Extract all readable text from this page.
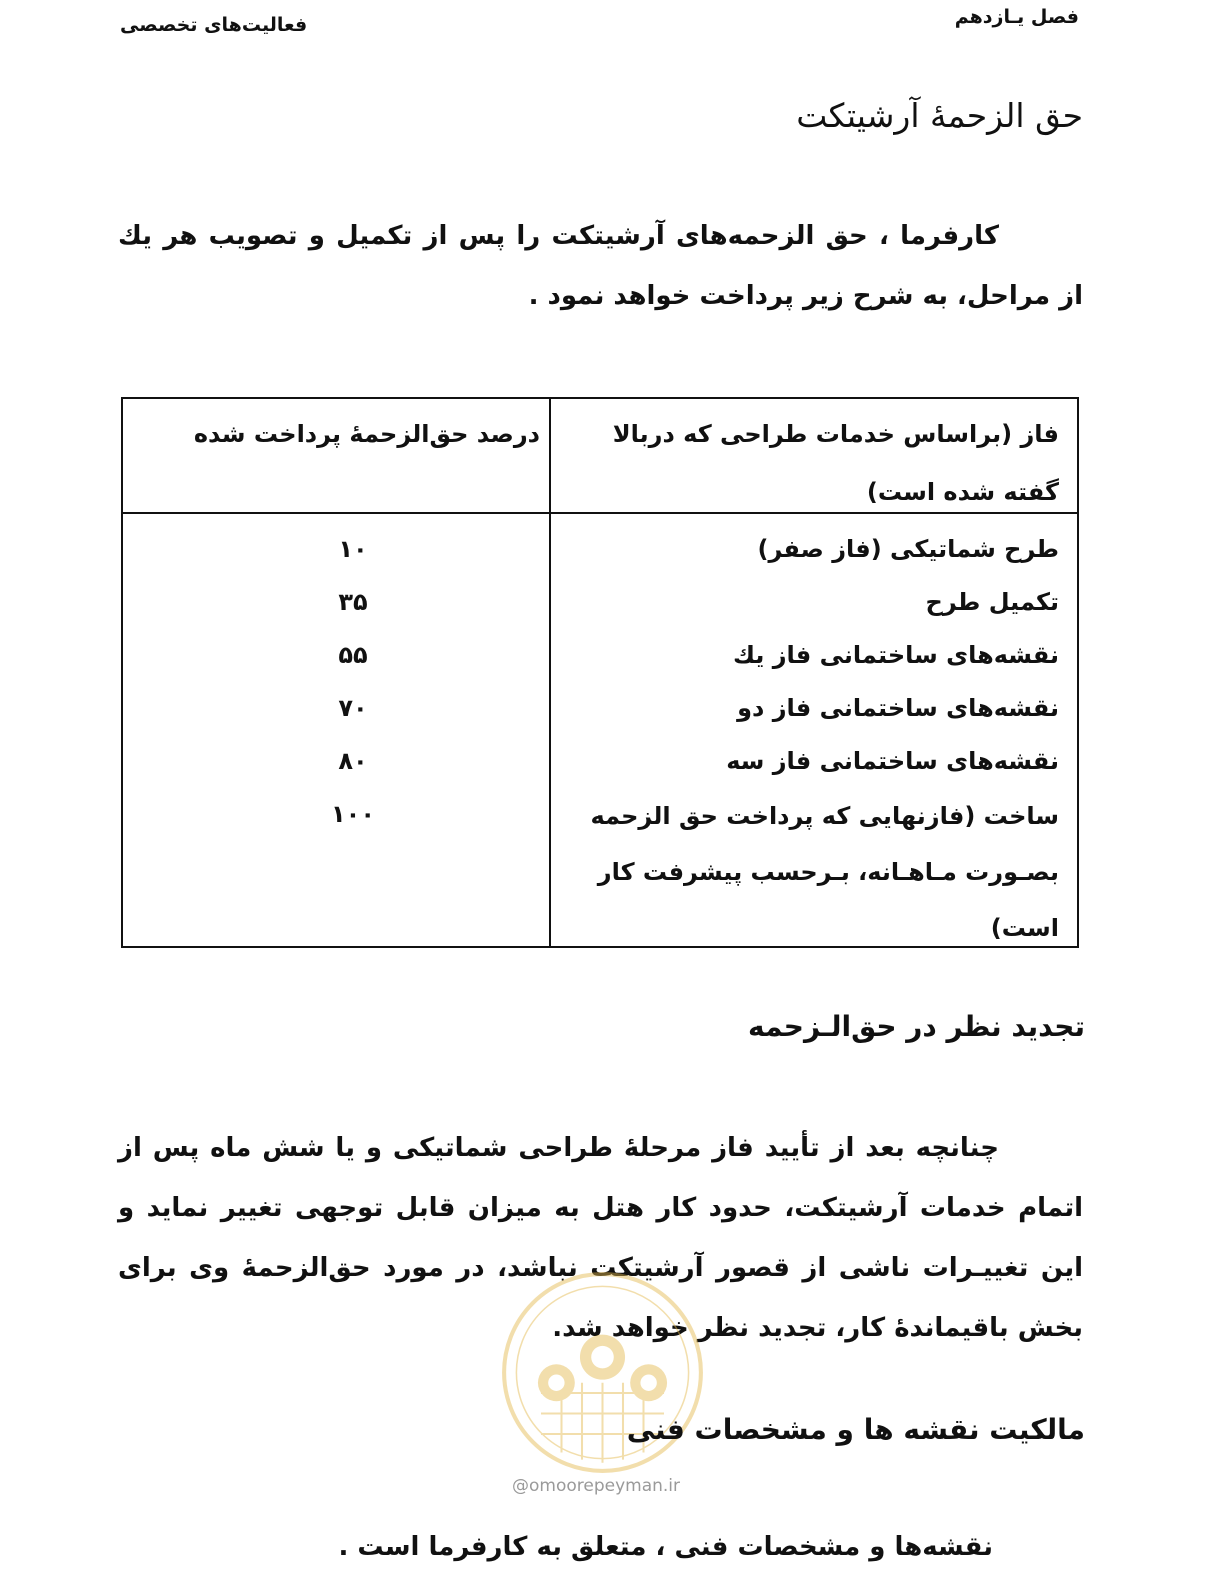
فصل یـازدهم
فعالیت‌های تخصصی
حق الزحمهٔ آرشیتکت
کارفرما ، حق الزحمه‌های آرشیتکت را پس از تکمیل و تصویب هر یك از مراحل، به شرح زیر پرداخت خواهد نمود .
فاز (براساس خدمات طراحی که دربالا گفته شده است)
درصد حق‌الزحمهٔ پرداخت شده
طرح شماتیکی (فاز صفر)
۱۰
تکمیل طرح
۳۵
نقشه‌های ساختمانی فاز یك
۵۵
نقشه‌های ساختمانی فاز دو
۷۰
نقشه‌های ساختمانی فاز سه
۸۰
ساخت (فازنهایی که پرداخت حق الزحمه بصـورت مـاهـانه، بـرحسب پیشرفت کار است)
۱۰۰
تجدید نظر در حق‌الـزحمه
چنانچه بعد از تأیید فاز مرحلهٔ طراحی شماتیکی و یا شش ماه پس از اتمام خدمات آرشیتکت، حدود کار هتل به میزان قابل توجهی تغییر نماید و این تغییـرات ناشی از قصور آرشیتکت نباشد، در مورد حق‌الزحمهٔ وی برای بخش باقیماندهٔ کار، تجدید نظر خواهد شد.
@omoorepeyman.ir
مالکیت نقشه ها و مشخصات فنی
نقشه‌ها و مشخصات فنی ، متعلق به کارفرما است .
